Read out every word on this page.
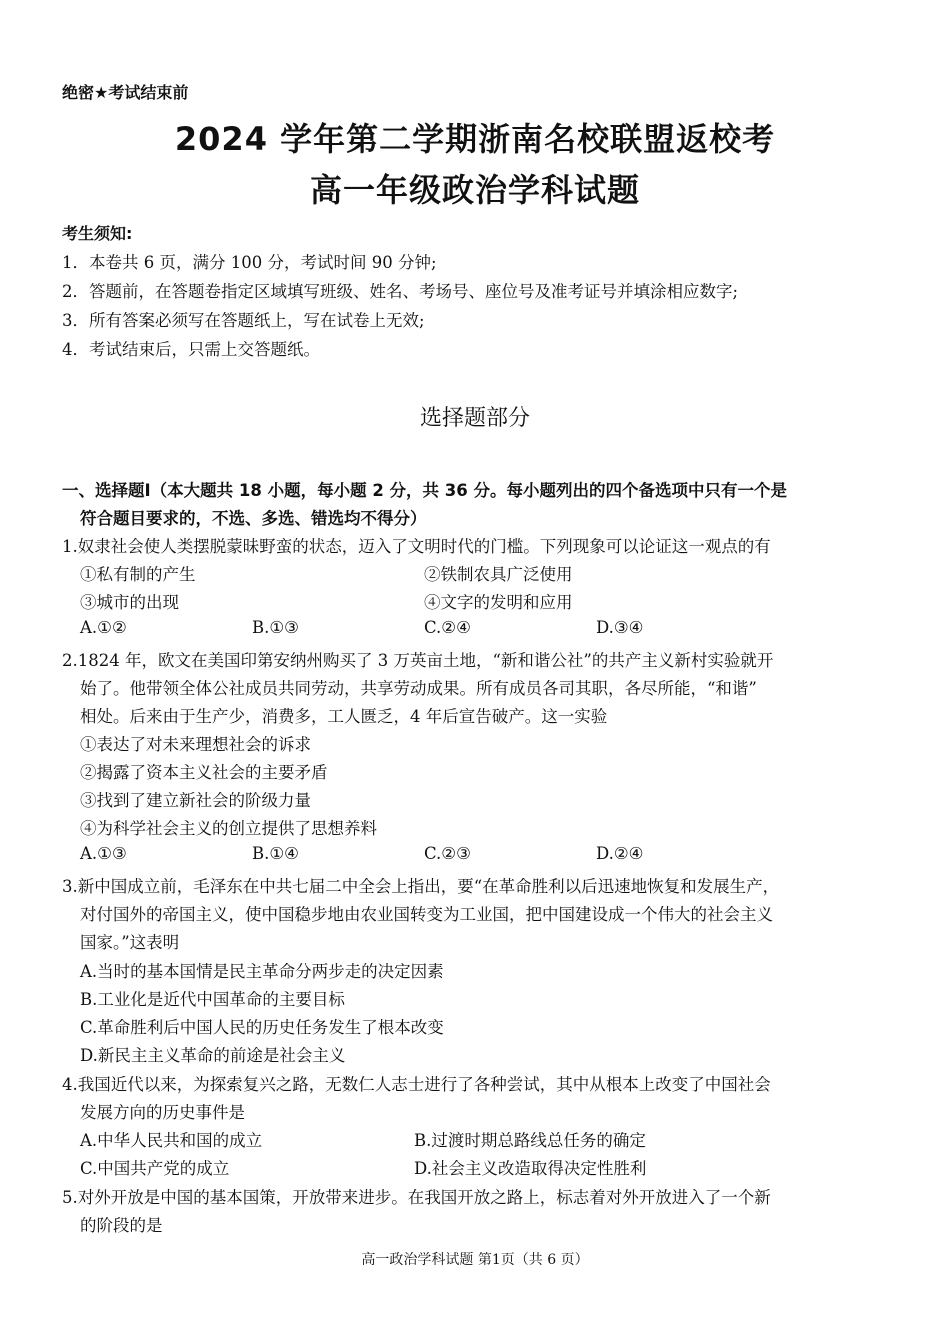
绝密★考试结束前
2024 学年第二学期浙南名校联盟返校考
高一年级政治学科试题
考生须知:
1．本卷共 6 页，满分 100 分，考试时间 90 分钟;
2．答题前，在答题卷指定区域填写班级、姓名、考场号、座位号及准考证号并填涂相应数字;
3．所有答案必须写在答题纸上，写在试卷上无效;
4．考试结束后，只需上交答题纸。
选择题部分
一、选择题Ⅰ（本大题共 18 小题，每小题 2 分，共 36 分。每小题列出的四个备选项中只有一个是
符合题目要求的，不选、多选、错选均不得分）
1.奴隶社会使人类摆脱蒙昧野蛮的状态，迈入了文明时代的门槛。下列现象可以论证这一观点的有
①私有制的产生	②铁制农具广泛使用
③城市的出现	④文字的发明和应用
A.①②	B.①③	C.②④	D.③④
2.1824 年，欧文在美国印第安纳州购买了 3 万英亩土地，“新和谐公社”的共产主义新村实验就开
始了。他带领全体公社成员共同劳动，共享劳动成果。所有成员各司其职，各尽所能，“和谐”
相处。后来由于生产少，消费多，工人匮乏，4 年后宣告破产。这一实验
①表达了对未来理想社会的诉求
②揭露了资本主义社会的主要矛盾
③找到了建立新社会的阶级力量
④为科学社会主义的创立提供了思想养料
A.①③	B.①④	C.②③	D.②④
3.新中国成立前，毛泽东在中共七届二中全会上指出，要“在革命胜利以后迅速地恢复和发展生产，
对付国外的帝国主义，使中国稳步地由农业国转变为工业国，把中国建设成一个伟大的社会主义
国家。”这表明
A.当时的基本国情是民主革命分两步走的决定因素
B.工业化是近代中国革命的主要目标
C.革命胜利后中国人民的历史任务发生了根本改变
D.新民主主义革命的前途是社会主义
4.我国近代以来，为探索复兴之路，无数仁人志士进行了各种尝试，其中从根本上改变了中国社会
发展方向的历史事件是
A.中华人民共和国的成立	B.过渡时期总路线总任务的确定
C.中国共产党的成立	D.社会主义改造取得决定性胜利
5.对外开放是中国的基本国策，开放带来进步。在我国开放之路上，标志着对外开放进入了一个新
的阶段的是
高一政治学科试题 第1页（共 6 页）
